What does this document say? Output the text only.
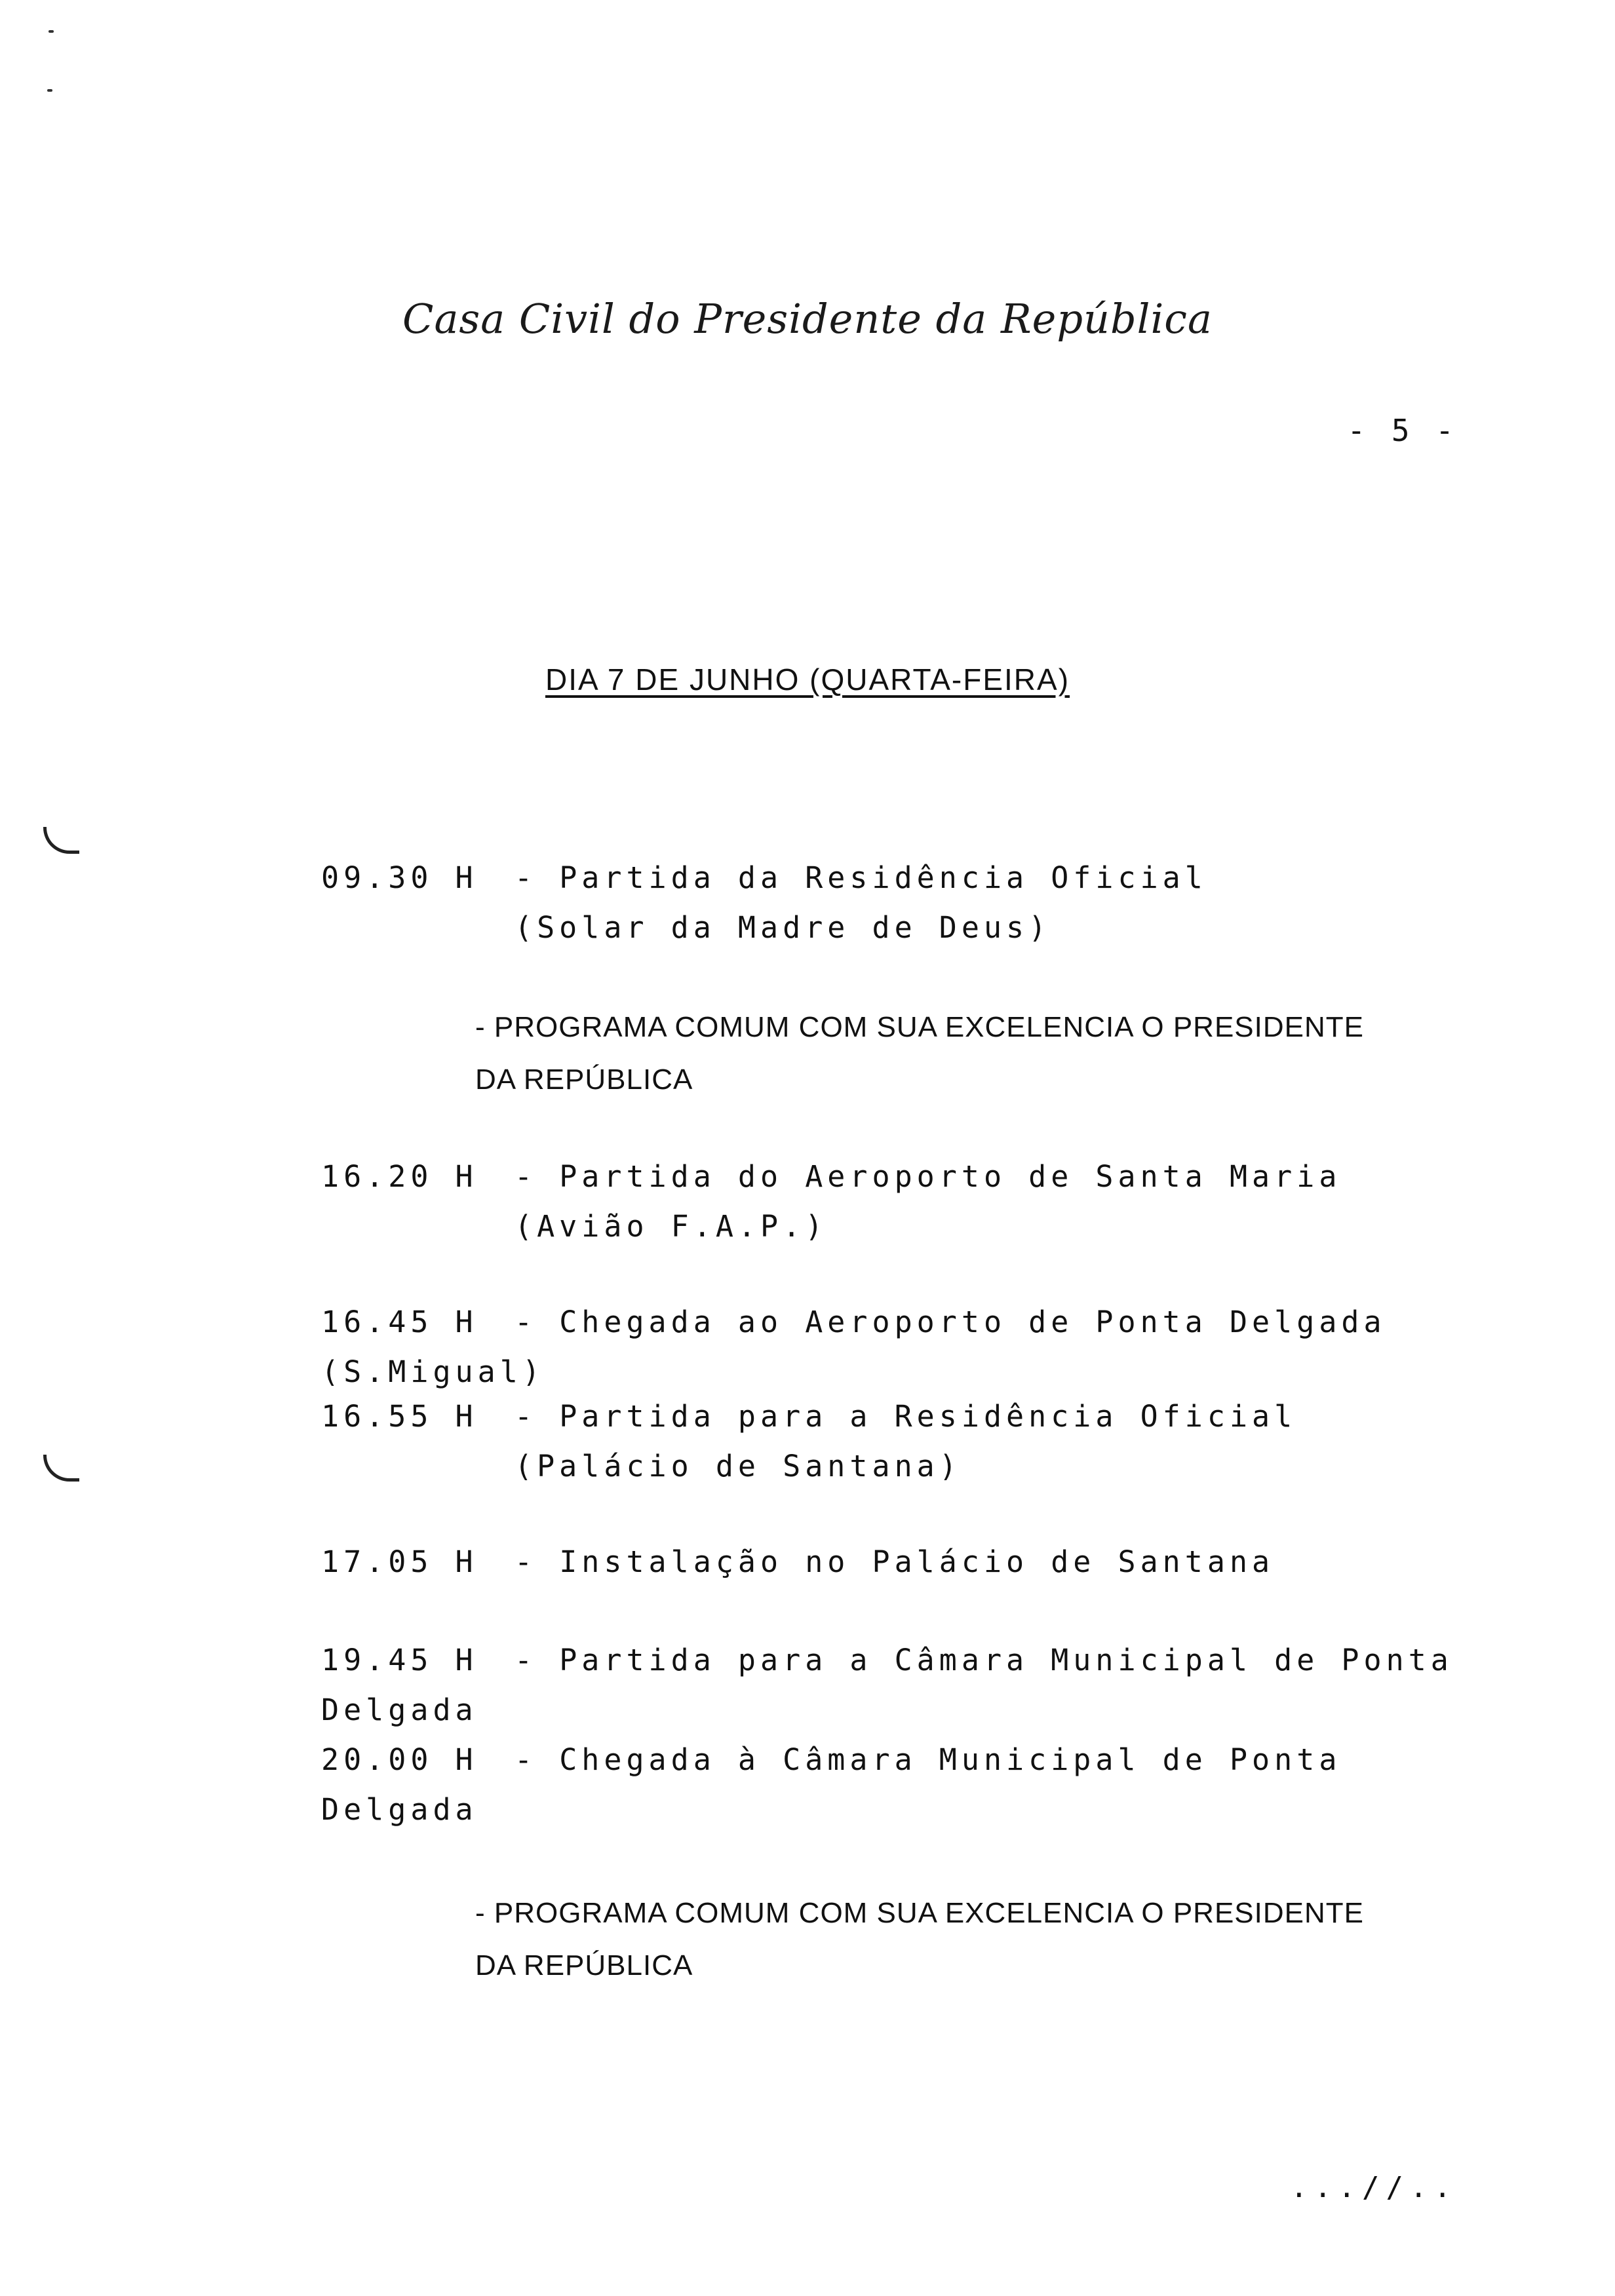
Casa Civil do Presidente da República
- 5 -
DIA 7 DE JUNHO (QUARTA-FEIRA)
09.30 H - Partida da Residência Oficial
(Solar da Madre de Deus)
- PROGRAMA COMUM COM SUA EXCELENCIA O PRESIDENTE
DA REPÚBLICA
16.20 H - Partida do Aeroporto de Santa Maria
(Avião F.A.P.)
16.45 H - Chegada ao Aeroporto de Ponta Delgada (S.Migual)
16.55 H - Partida para a Residência Oficial
(Palácio de Santana)
17.05 H - Instalação no Palácio de Santana
19.45 H - Partida para a Câmara Municipal de Ponta Delgada
20.00 H - Chegada à Câmara Municipal de Ponta Delgada
- PROGRAMA COMUM COM SUA EXCELENCIA O PRESIDENTE
DA REPÚBLICA
...//..
